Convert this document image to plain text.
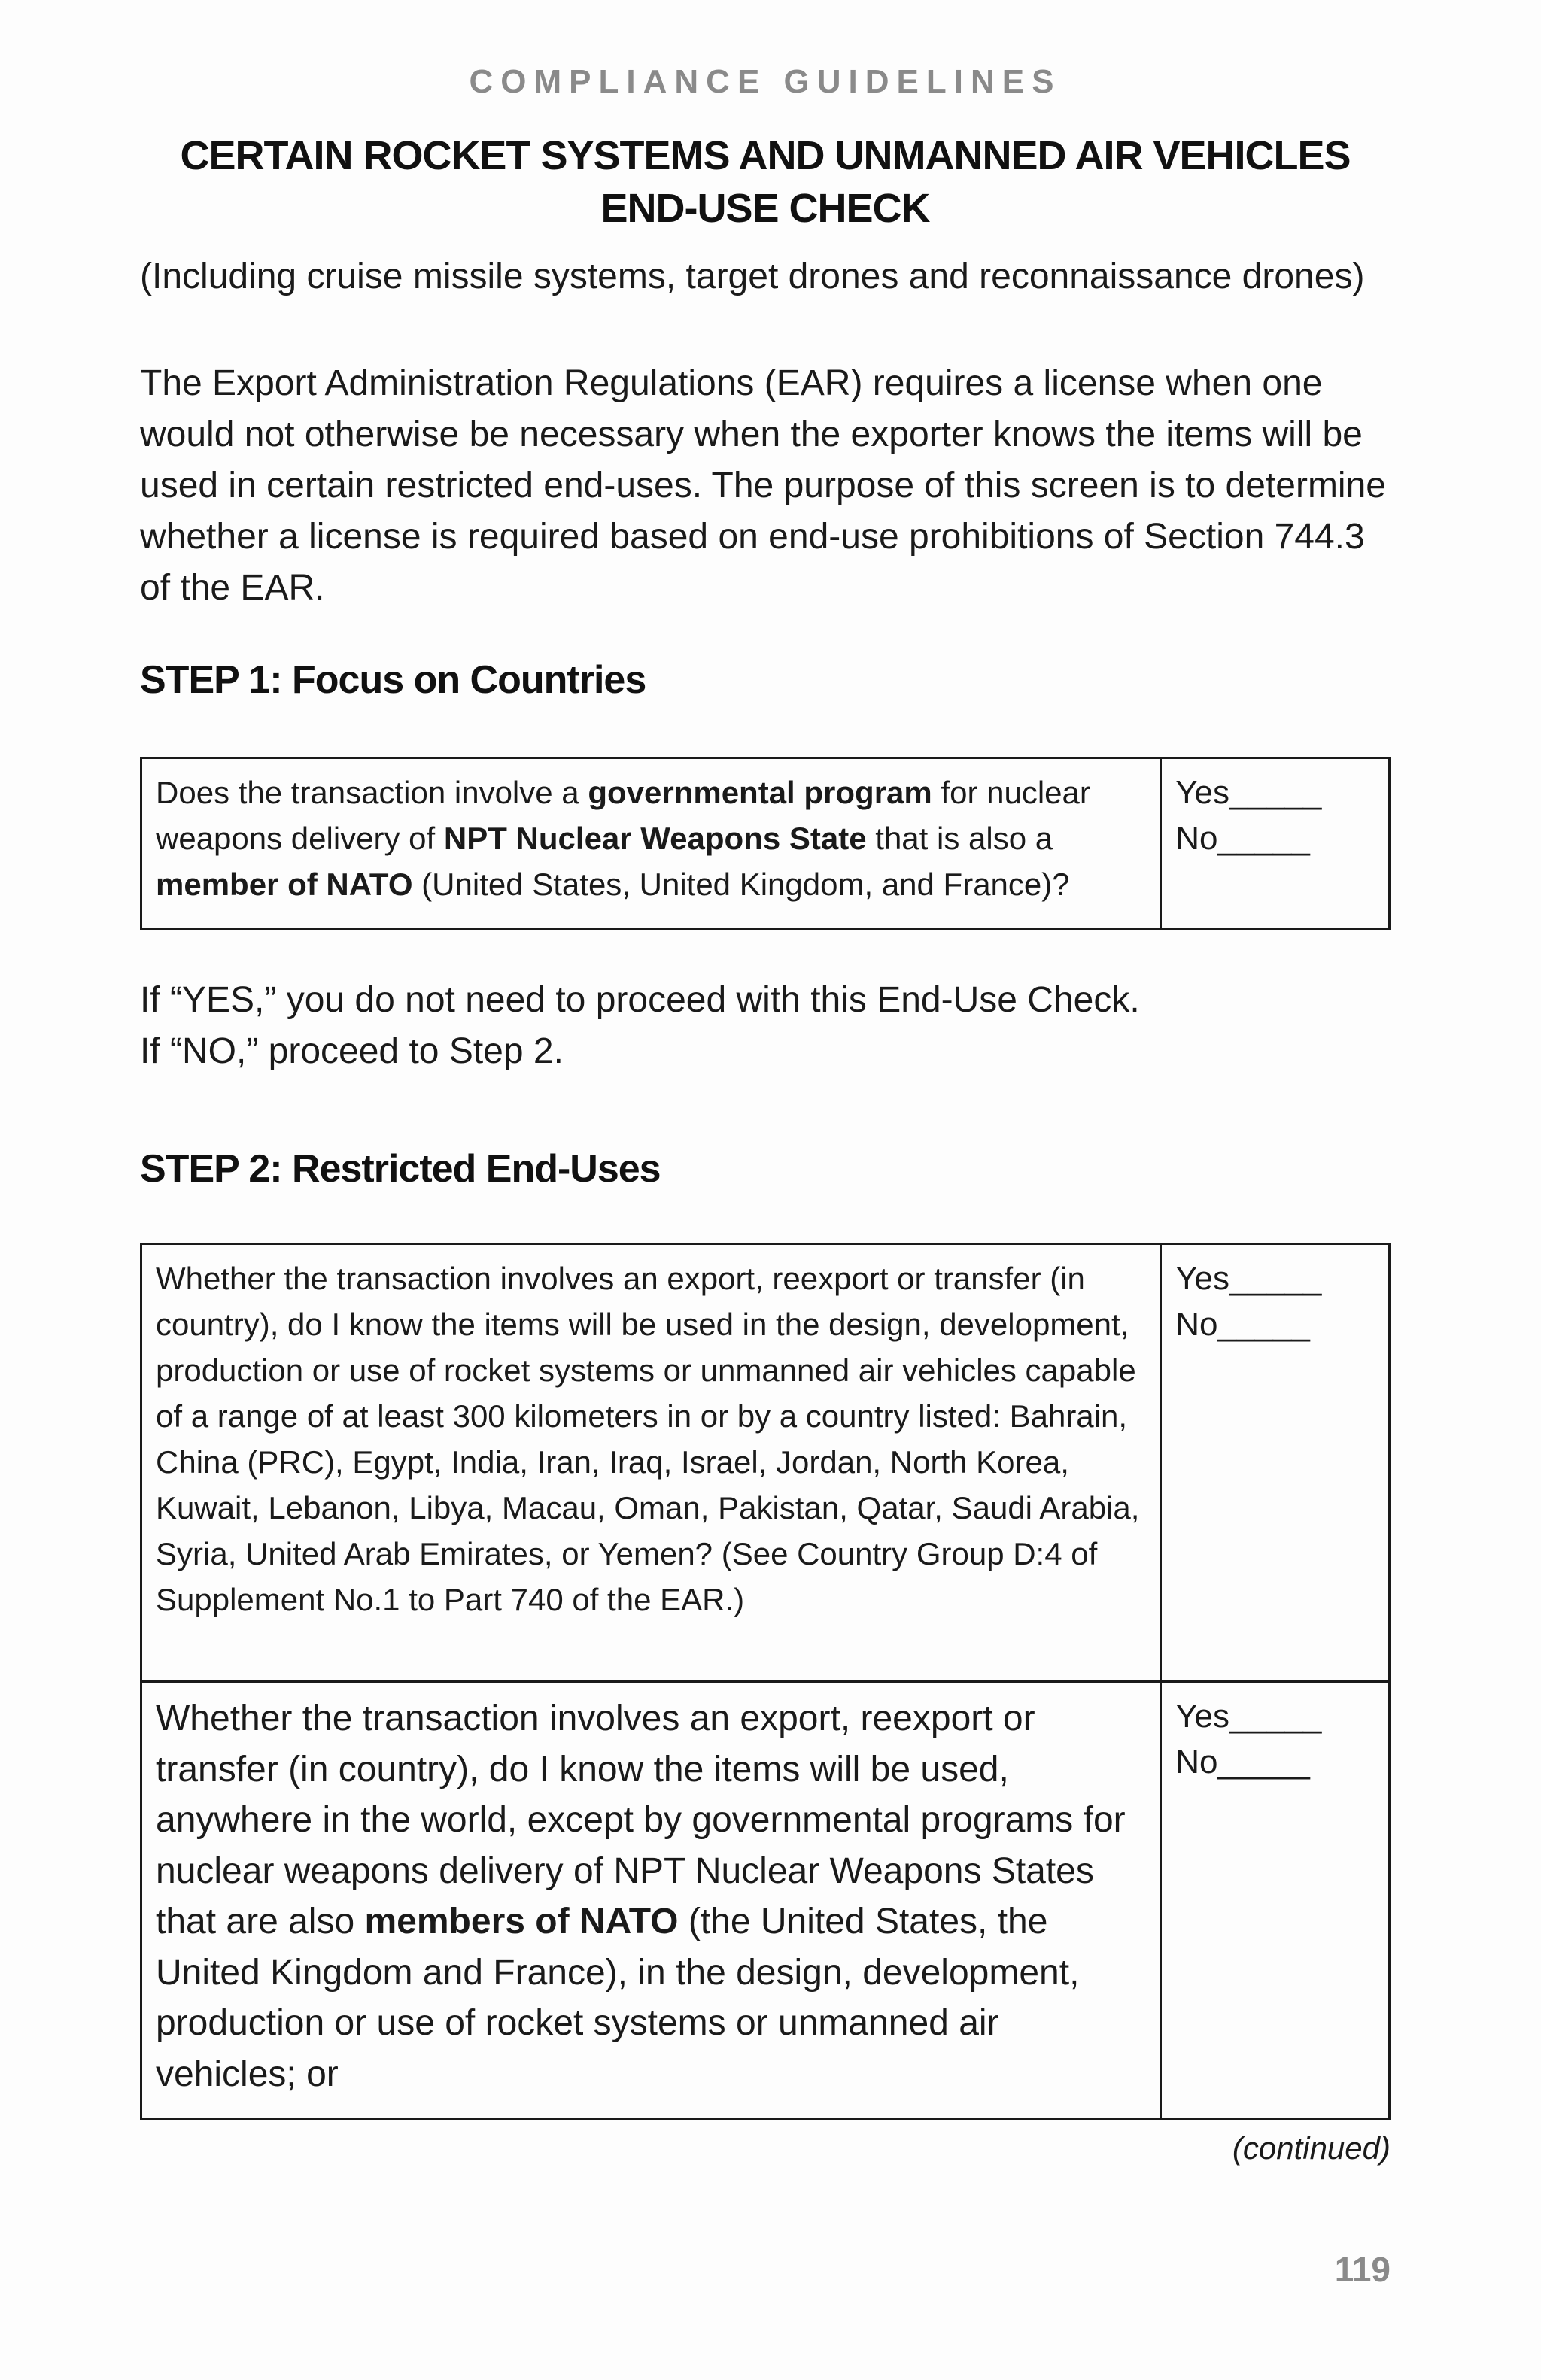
COMPLIANCE GUIDELINES
CERTAIN ROCKET SYSTEMS AND UNMANNED AIR VEHICLES
END-USE CHECK
(Including cruise missile systems, target drones and reconnaissance drones)
The Export Administration Regulations (EAR) requires a license when one would not otherwise be necessary when the exporter knows the items will be used in certain restricted end-uses. The purpose of this screen is to determine whether a license is required based on end-use prohibitions of Section 744.3 of the EAR.
STEP 1: Focus on Countries
Does the transaction involve a governmental program for nuclear weapons delivery of NPT Nuclear Weapons State that is also a member of NATO (United States, United Kingdom, and France)?	
Yes_____
No_____
If “YES,” you do not need to proceed with this End-Use Check.
If “NO,” proceed to Step 2.
STEP 2: Restricted End-Uses
Whether the transaction involves an export, reexport or transfer (in country), do I know the items will be used in the design, development, production or use of rocket systems or unmanned air vehicles capable of a range of at least 300 kilometers in or by a country listed: Bahrain, China (PRC), Egypt, India, Iran, Iraq, Israel, Jordan, North Korea, Kuwait, Lebanon, Libya, Macau, Oman, Pakistan, Qatar, Saudi Arabia, Syria, United Arab Emirates, or Yemen? (See Country Group D:4 of Supplement No.1 to Part 740 of the EAR.)	Yes_____
No_____

Whether the transaction involves an export, reexport or transfer (in country), do I know the items will be used, anywhere in the world, except by governmental programs for nuclear weapons delivery of NPT Nuclear Weapons States that are also members of NATO (the United States, the United Kingdom and France), in the design, development, production or use of rocket systems or unmanned air vehicles; or	Yes_____
No_____
(continued)
119
